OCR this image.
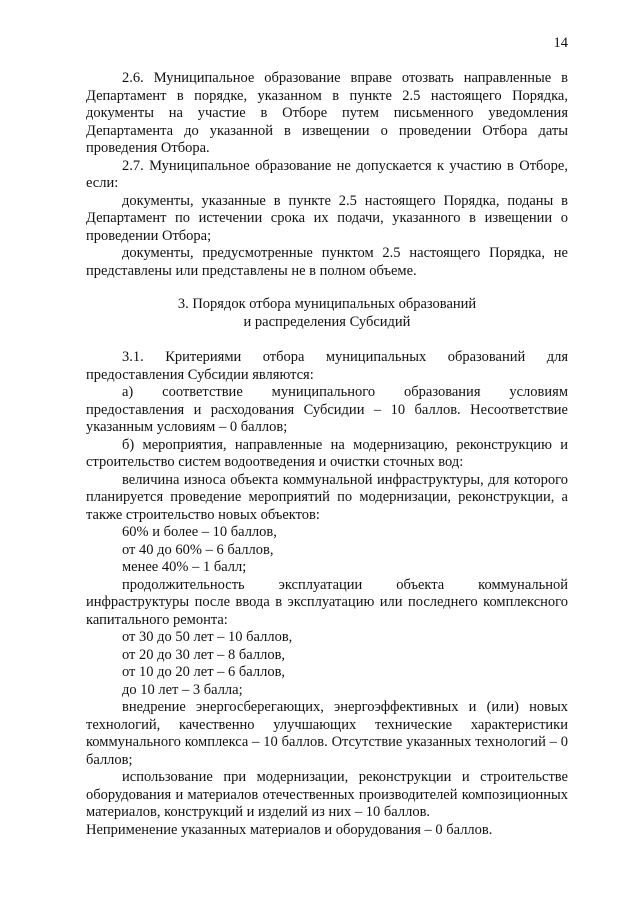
14

2.6. Муниципальное образование вправе отозвать направленные в Департамент в порядке, указанном в пункте 2.5 настоящего Порядка, документы на участие в Отборе путем письменного уведомления Департамента до указанной в извещении о проведении Отбора даты проведения Отбора.

2.7. Муниципальное образование не допускается к участию в Отборе, если:

документы, указанные в пункте 2.5 настоящего Порядка, поданы в Департамент по истечении срока их подачи, указанного в извещении о проведении Отбора;

документы, предусмотренные пунктом 2.5 настоящего Порядка, не представлены или представлены не в полном объеме.

3. Порядок отбора муниципальных образований
и распределения Субсидий

3.1. Критериями отбора муниципальных образований для предоставления Субсидии являются:

а) соответствие муниципального образования условиям предоставления и расходования Субсидии – 10 баллов. Несоответствие указанным условиям – 0 баллов;

б) мероприятия, направленные на модернизацию, реконструкцию и строительство систем водоотведения и очистки сточных вод:

величина износа объекта коммунальной инфраструктуры, для которого планируется проведение мероприятий по модернизации, реконструкции, а также строительство новых объектов:

60% и более – 10 баллов,

от 40 до 60% – 6 баллов,

менее 40% – 1 балл;

продолжительность эксплуатации объекта коммунальной инфраструктуры после ввода в эксплуатацию или последнего комплексного капитального ремонта:

от 30 до 50 лет – 10 баллов,

от 20 до 30 лет – 8 баллов,

от 10 до 20 лет – 6 баллов,

до 10 лет – 3 балла;

внедрение энергосберегающих, энергоэффективных и (или) новых технологий, качественно улучшающих технические характеристики коммунального комплекса – 10 баллов. Отсутствие указанных технологий – 0 баллов;

использование при модернизации, реконструкции и строительстве оборудования и материалов отечественных производителей композиционных материалов, конструкций и изделий из них – 10 баллов.

Неприменение указанных материалов и оборудования – 0 баллов.
